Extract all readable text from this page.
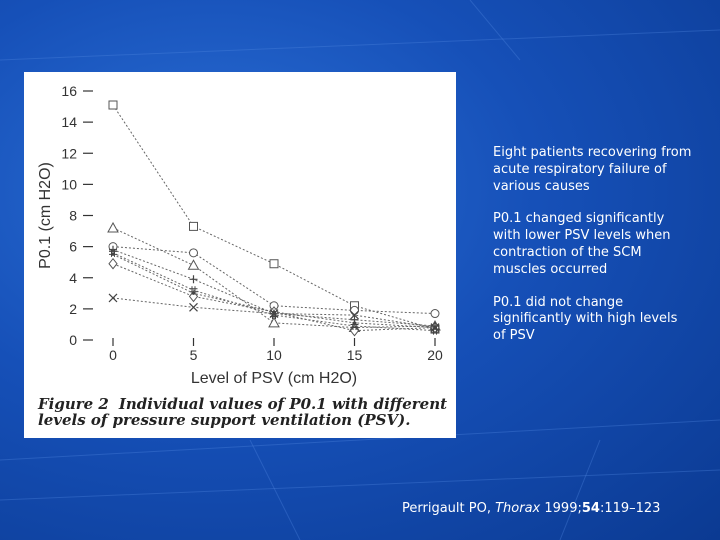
0
2
4
6
8
10
12
14
16
0	5	10	15	20
Level of PSV (cm H2O)
P0.1 (cm H2O)
Figure 2 Individual values of P0.1 with different levels of pressure support ventilation (PSV).

Eight patients recovering from acute respiratory failure of various causes

P0.1 changed significantly with lower PSV levels when contraction of the SCM muscles occurred

P0.1 did not change significantly with high levels of PSV

Perrigault PO, Thorax 1999;54:119–123
